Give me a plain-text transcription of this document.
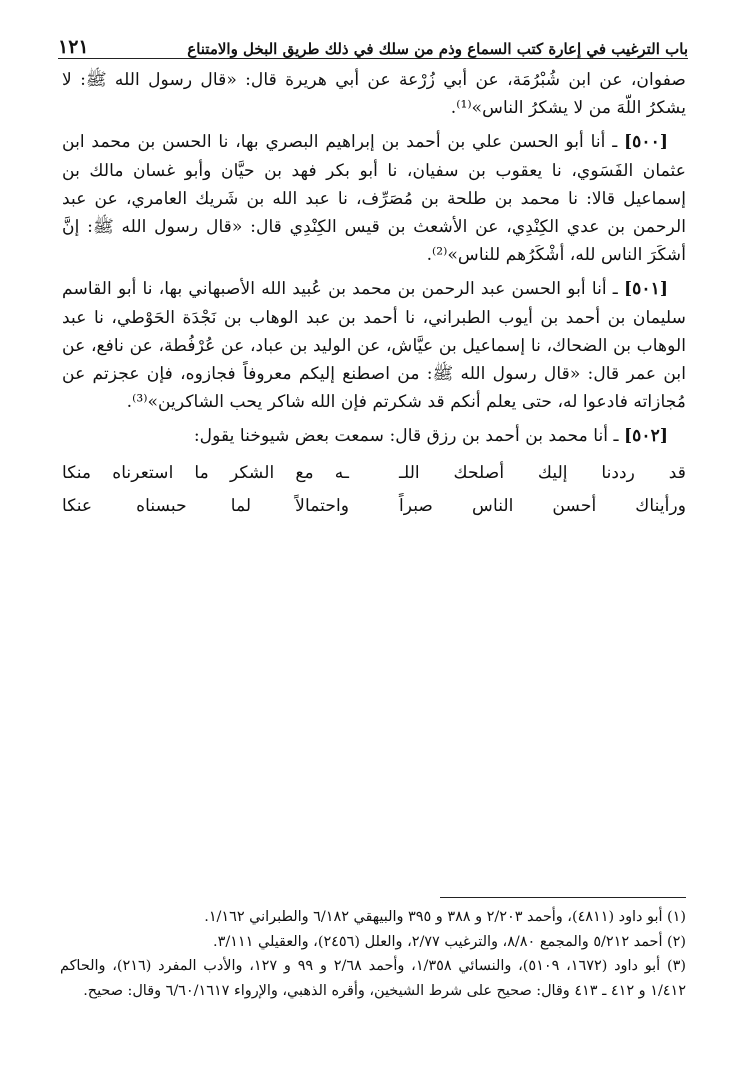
باب الترغيب في إعارة كتب السماع وذم من سلك في ذلك طريق البخل والامتناع
١٢١

صفوان، عن ابن شُبْرُمَة، عن أبي زُرْعة عن أبي هريرة قال: «قال رسول الله ﷺ: لا يشكرُ اللّهَ من لا يشكرُ الناس»⁽¹⁾.

[٥٠٠] ـ أنا أبو الحسن علي بن أحمد بن إبراهيم البصري بها، نا الحسن بن محمد ابن عثمان الفَسَوي، نا يعقوب بن سفيان، نا أبو بكر فهد بن حيَّان وأبو غسان مالك بن إسماعيل قالا: نا محمد بن طلحة بن مُصَرِّف، نا عبد الله بن شَريك العامري، عن عبد الرحمن بن عدي الكِنْدِي، عن الأشعث بن قيس الكِنْدِي قال: «قال رسول الله ﷺ: إنَّ أشكَرَ الناس لله، أشْكَرُهم للناس»⁽²⁾.

[٥٠١] ـ أنا أبو الحسن عبد الرحمن بن محمد بن عُبيد الله الأصبهاني بها، نا أبو القاسم سليمان بن أحمد بن أيوب الطبراني، نا أحمد بن عبد الوهاب بن نَجْدَة الحَوْطي، نا عبد الوهاب بن الضحاك، نا إسماعيل بن عيَّاش، عن الوليد بن عباد، عن عُرْفُطة، عن نافع، عن ابن عمر قال: «قال رسول الله ﷺ: من اصطنع إليكم معروفاً فجازوه، فإن عجزتم عن مُجازاته فادعوا له، حتى يعلم أنكم قد شكرتم فإن الله شاكر يحب الشاكرين»⁽³⁾.

[٥٠٢] ـ أنا محمد بن أحمد بن رزق قال: سمعت بعض شيوخنا يقول:

قد رددنا إليك أصلحك اللـ
ـه مع الشكر ما استعرناه منكا
ورأيناك أحسن الناس صبراً
واحتمالاً لما حبسناه عنكا

(١) أبو داود (٤٨١١)، وأحمد ٢/٢٠٣ و ٣٨٨ و ٣٩٥ والبيهقي ٦/١٨٢ والطبراني ١/١٦٢.

(٢) أحمد ٥/٢١٢ والمجمع ٨/٨٠، والترغيب ٢/٧٧، والعلل (٢٤٥٦)، والعقيلي ٣/١١١.

(٣) أبو داود (١٦٧٢، ٥١٠٩)، والنسائي ١/٣٥٨، وأحمد ٢/٦٨ و ٩٩ و ١٢٧، والأدب المفرد (٢١٦)، والحاكم ١/٤١٢ و ٤١٢ ـ ٤١٣ وقال: صحيح على شرط الشيخين، وأقره الذهبي، والإرواء ٦/٦٠/١٦١٧ وقال: صحيح.
